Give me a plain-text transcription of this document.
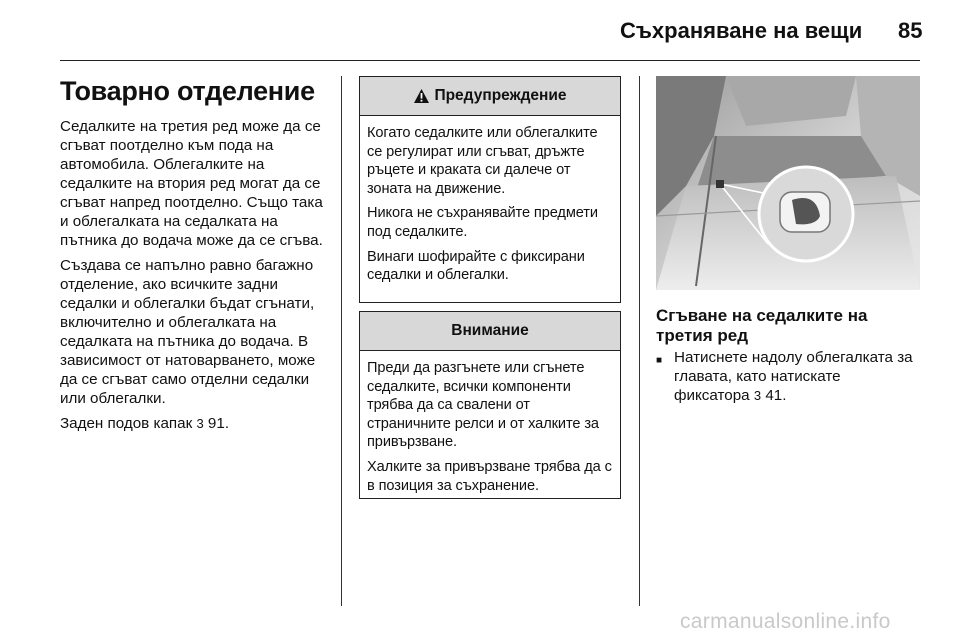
Съхраняване на вещи 85
Товарно отделение

Седалките на третия ред може да се сгъват поотделно към пода на автомобила. Облегалките на седалките на втория ред могат да се сгъват напред поотделно. Също така и облегалката на седалката на пътника до водача може да се сгъва.

Създава се напълно равно багажно отделение, ако всичките задни седалки и облегалки бъдат сгънати, включително и облегалката на седалката на пътника до водача. В зависимост от натоварването, може да се сгъват само отделни седалки или облегалки.

Заден подов капак 3 91.

Предупреждение

Когато седалките или облегалките се регулират или сгъват, дръжте ръцете и краката си далече от зоната на движение.

Никога не съхранявайте предмети под седалките.

Винаги шофирайте с фиксирани седалки и облегалки.

Внимание

Преди да разгънете или сгънете седалките, всички компоненти трябва да са свалени от страничните релси и от халките за привързване.

Халките за привързване трябва да с в позиция за съхранение.

Сгъване на седалките на третия ред
■ Натиснете надолу облегалката за главата, като натискате фиксатора 3 41.
carmanualsonline.info
